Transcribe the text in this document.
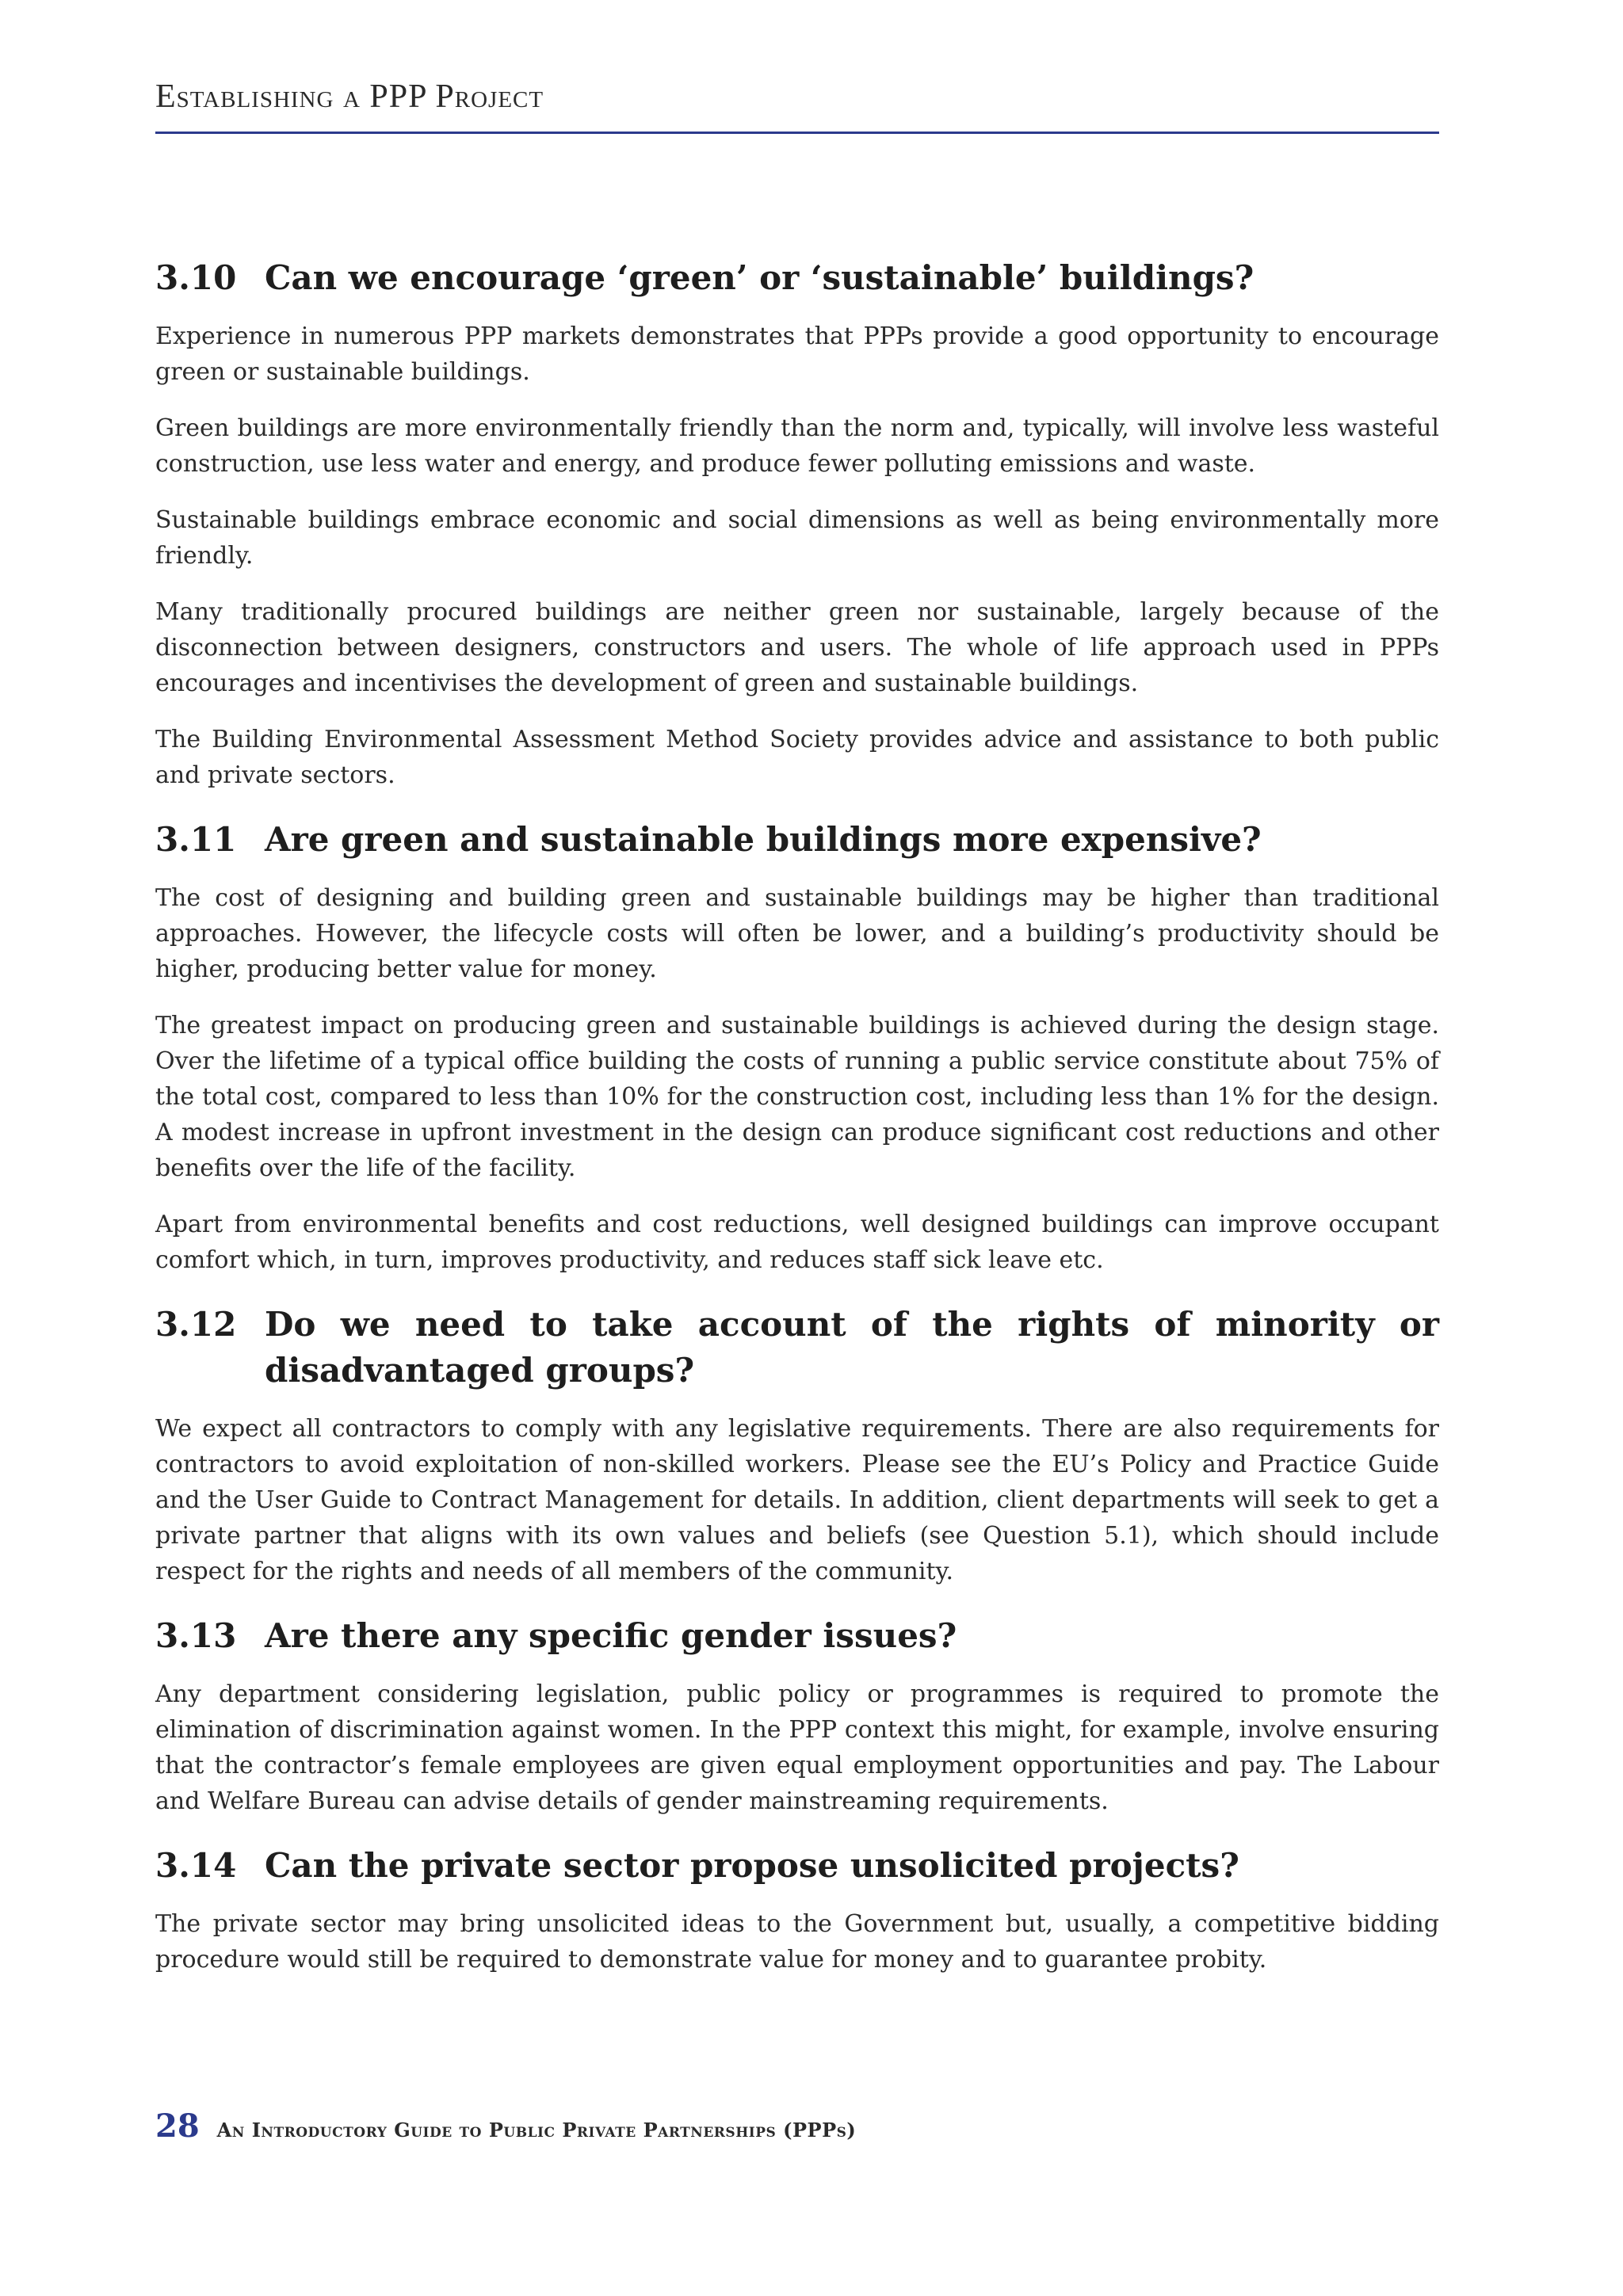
Establishing a PPP Project
3.10 Can we encourage ‘green’ or ‘sustainable’ buildings?

Experience in numerous PPP markets demonstrates that PPPs provide a good opportunity to encourage green or sustainable buildings.

Green buildings are more environmentally friendly than the norm and, typically, will involve less wasteful construction, use less water and energy, and produce fewer polluting emissions and waste.

Sustainable buildings embrace economic and social dimensions as well as being environmentally more friendly.

Many traditionally procured buildings are neither green nor sustainable, largely because of the disconnection between designers, constructors and users. The whole of life approach used in PPPs encourages and incentivises the development of green and sustainable buildings.

The Building Environmental Assessment Method Society provides advice and assistance to both public and private sectors.

3.11 Are green and sustainable buildings more expensive?

The cost of designing and building green and sustainable buildings may be higher than traditional approaches. However, the lifecycle costs will often be lower, and a building’s productivity should be higher, producing better value for money.

The greatest impact on producing green and sustainable buildings is achieved during the design stage. Over the lifetime of a typical office building the costs of running a public service constitute about 75% of the total cost, compared to less than 10% for the construction cost, including less than 1% for the design. A modest increase in upfront investment in the design can produce significant cost reductions and other benefits over the life of the facility.

Apart from environmental benefits and cost reductions, well designed buildings can improve occupant comfort which, in turn, improves productivity, and reduces staff sick leave etc.

3.12 Do we need to take account of the rights of minority or disadvantaged groups?

We expect all contractors to comply with any legislative requirements. There are also requirements for contractors to avoid exploitation of non-skilled workers. Please see the EU’s Policy and Practice Guide and the User Guide to Contract Management for details. In addition, client departments will seek to get a private partner that aligns with its own values and beliefs (see Question 5.1), which should include respect for the rights and needs of all members of the community.

3.13 Are there any specific gender issues?

Any department considering legislation, public policy or programmes is required to promote the elimination of discrimination against women. In the PPP context this might, for example, involve ensuring that the contractor’s female employees are given equal employment opportunities and pay. The Labour and Welfare Bureau can advise details of gender mainstreaming requirements.

3.14 Can the private sector propose unsolicited projects?

The private sector may bring unsolicited ideas to the Government but, usually, a competitive bidding procedure would still be required to demonstrate value for money and to guarantee probity.

28 An Introductory Guide to Public Private Partnerships (PPPs)
